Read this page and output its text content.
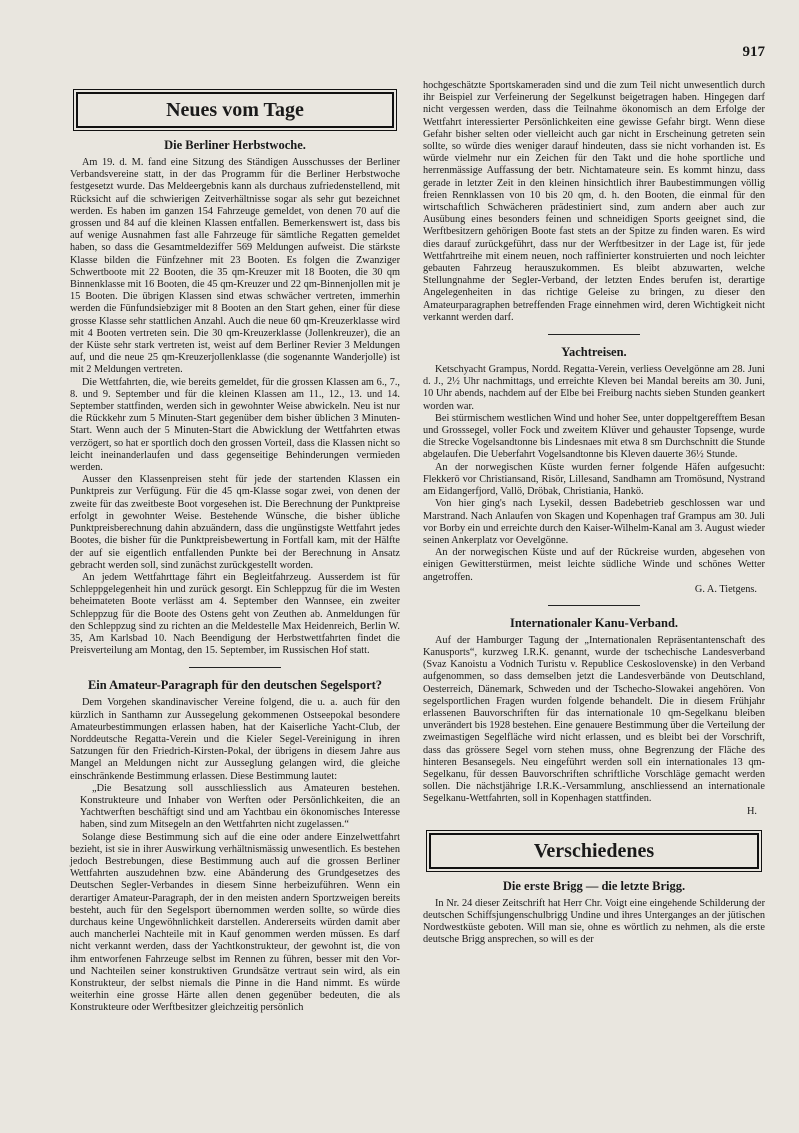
917
Neues vom Tage
Die Berliner Herbstwoche.

Am 19. d. M. fand eine Sitzung des Ständigen Ausschusses der Berliner Verbandsvereine statt, in der das Programm für die Berliner Herbstwoche festgesetzt wurde. Das Meldeergebnis kann als durchaus zufriedenstellend, mit Rücksicht auf die schwierigen Zeitverhältnisse sogar als sehr gut bezeichnet werden. Es haben im ganzen 154 Fahrzeuge gemeldet, von denen 70 auf die grossen und 84 auf die kleinen Klassen entfallen. Bemerkenswert ist, dass bis auf wenige Ausnahmen fast alle Fahrzeuge für sämtliche Regatten gemeldet haben, so dass die Gesamtmeldeziffer 569 Meldungen aufweist. Die stärkste Klasse bilden die Fünfzehner mit 23 Booten. Es folgen die Zwanziger Schwertboote mit 22 Booten, die 35 qm-Kreuzer mit 18 Booten, die 30 qm Binnenklasse mit 16 Booten, die 45 qm-Kreuzer und 22 qm-Binnenjollen mit je 15 Booten. Die übrigen Klassen sind etwas schwächer vertreten, immerhin werden die Fünfundsiebziger mit 8 Booten an den Start gehen, einer für diese grosse Klasse sehr stattlichen Anzahl. Auch die neue 60 qm-Kreuzerklasse wird mit 4 Booten vertreten sein. Die 30 qm-Kreuzerklasse (Jollenkreuzer), die an der Küste sehr stark vertreten ist, weist auf dem Berliner Revier 3 Meldungen auf, und die neue 25 qm-Kreuzerjollenklasse (die sogenannte Wanderjolle) ist mit 2 Meldungen vertreten.

Die Wettfahrten, die, wie bereits gemeldet, für die grossen Klassen am 6., 7., 8. und 9. September und für die kleinen Klassen am 11., 12., 13. und 14. September stattfinden, werden sich in gewohnter Weise abwickeln. Neu ist nur die Rückkehr zum 5 Minuten-Start gegenüber dem bisher üblichen 3 Minuten-Start. Wenn auch der 5 Minuten-Start die Abwicklung der Wettfahrten etwas verzögert, so hat er sportlich doch den grossen Vorteil, dass die Klassen nicht so leicht ineinanderlaufen und dass gegenseitige Behinderungen vermieden werden.

Ausser den Klassenpreisen steht für jede der startenden Klassen ein Punktpreis zur Verfügung. Für die 45 qm-Klasse sogar zwei, von denen der zweite für das zweitbeste Boot vorgesehen ist. Die Berechnung der Punktpreise erfolgt in gewohnter Weise. Bestehende Wünsche, die bisher übliche Punktpreisberechnung dahin abzuändern, dass die ungünstigste Wettfahrt jedes Bootes, die bisher für die Punktpreisbewertung in Fortfall kam, mit der Hälfte der auf sie eigentlich entfallenden Punkte bei der Berechnung in Ansatz gebracht werden soll, sind zunächst zurückgestellt worden.

An jedem Wettfahrttage fährt ein Begleitfahrzeug. Ausserdem ist für Schleppgelegenheit hin und zurück gesorgt. Ein Schleppzug für die im Westen beheimateten Boote verlässt am 4. September den Wannsee, ein zweiter Schleppzug für die Boote des Ostens geht von Zeuthen ab. Anmeldungen für den Schleppzug sind zu richten an die Meldestelle Max Heidenreich, Berlin W. 35, Am Karlsbad 10. Nach Beendigung der Herbstwettfahrten findet die Preisverteilung am Montag, den 15. September, im Russischen Hof statt.

Ein Amateur-Paragraph für den deutschen Segelsport?

Dem Vorgehen skandinavischer Vereine folgend, die u. a. auch für den kürzlich in Santhamn zur Aussegelung gekommenen Ostseepokal besondere Amateurbestimmungen erlassen haben, hat der Kaiserliche Yacht-Club, der Norddeutsche Regatta-Verein und die Kieler Segel-Vereinigung in ihren Satzungen für den Friedrich-Kirsten-Pokal, der übrigens in diesem Jahre aus Mangel an Meldungen nicht zur Ausseglung gelangen wird, die gleiche einschränkende Bestimmung erlassen. Diese Bestimmung lautet:

„Die Besatzung soll ausschliesslich aus Amateuren bestehen. Konstrukteure und Inhaber von Werften oder Persönlichkeiten, die an Yachtwerften beschäftigt sind und am Yachtbau ein ökonomisches Interesse haben, sind zum Mitsegeln an den Wettfahrten nicht zugelassen.“

Solange diese Bestimmung sich auf die eine oder andere Einzelwettfahrt bezieht, ist sie in ihrer Auswirkung verhältnismässig unwesentlich. Es bestehen jedoch Bestrebungen, diese Bestimmung auch auf die grossen Berliner Wettfahrten auszudehnen bzw. eine Abänderung des Grundgesetzes des Deutschen Segler-Verbandes in diesem Sinne herbeizuführen. Wenn ein derartiger Amateur-Paragraph, der in den meisten andern Sportzweigen bereits besteht, auch für den Segelsport übernommen werden sollte, so würde dies durchaus keine Ungewöhnlichkeit darstellen. Andererseits würden damit aber auch mancherlei Nachteile mit in Kauf genommen werden müssen. Es darf nicht verkannt werden, dass der Yachtkonstrukteur, der gewohnt ist, die von ihm entworfenen Fahrzeuge selbst im Rennen zu führen, besser mit den Vor- und Nachteilen seiner konstruktiven Grundsätze vertraut sein wird, als ein Konstrukteur, der selbst niemals die Pinne in die Hand nimmt. Es würde weiterhin eine grosse Härte allen denen gegenüber bedeuten, die als Konstrukteure oder Werftbesitzer gleichzeitig persönlich

hochgeschätzte Sportskameraden sind und die zum Teil nicht unwesentlich durch ihr Beispiel zur Verfeinerung der Segelkunst beigetragen haben. Hingegen darf nicht vergessen werden, dass die Teilnahme ökonomisch an dem Erfolge der Wettfahrt interessierter Persönlichkeiten eine gewisse Gefahr birgt. Wenn diese Gefahr bisher selten oder vielleicht auch gar nicht in Erscheinung getreten sein sollte, so würde dies weniger darauf hindeuten, dass sie nicht vorhanden ist. Es würde vielmehr nur ein Zeichen für den Takt und die hohe sportliche und herrenmässige Auffassung der betr. Nichtamateure sein. Es kommt hinzu, dass gerade in letzter Zeit in den kleinen hinsichtlich ihrer Baubestimmungen völlig freien Rennklassen von 10 bis 20 qm, d. h. den Booten, die einmal für den wirtschaftlich Schwächeren prädestiniert sind, zum andern aber auch zur Ausübung eines besonders feinen und schneidigen Sports geeignet sind, die Werftbesitzern gehörigen Boote fast stets an der Spitze zu finden waren. Es wird dies darauf zurückgeführt, dass nur der Werftbesitzer in der Lage ist, für jede Wettfahrtreihe mit einem neuen, noch raffinierter konstruierten und noch leichter gebauten Fahrzeug herauszukommen. Es bleibt abzuwarten, welche Stellungnahme der Segler-Verband, der letzten Endes berufen ist, derartige Angelegenheiten in das richtige Geleise zu bringen, zu dieser den Amateurparagraphen betreffenden Frage einnehmen wird, deren Wichtigkeit nicht verkannt werden darf.

Yachtreisen.

Ketschyacht Grampus, Nordd. Regatta-Verein, verliess Oevelgönne am 28. Juni d. J., 2½ Uhr nachmittags, und erreichte Kleven bei Mandal bereits am 30. Juni, 10 Uhr abends, nachdem auf der Elbe bei Freiburg nachts sieben Stunden geankert worden war.

Bei stürmischem westlichen Wind und hoher See, unter doppeltgerefftem Besan und Grosssegel, voller Fock und zweitem Klüver und gehauster Topsenge, wurde die Strecke Vogelsandtonne bis Lindesnaes mit etwa 8 sm Durchschnitt die Stunde abgelaufen. Die Ueberfahrt Vogelsandtonne bis Kleven dauerte 36½ Stunde.

An der norwegischen Küste wurden ferner folgende Häfen aufgesucht: Flekkerö vor Christiansand, Risör, Lillesand, Sandhamn am Tromösund, Nystrand am Eidangerfjord, Vallö, Dröbak, Christiania, Hankö.

Von hier ging's nach Lysekil, dessen Badebetrieb geschlossen war und Marstrand. Nach Anlaufen von Skagen und Kopenhagen traf Grampus am 30. Juli vor Borby ein und erreichte durch den Kaiser-Wilhelm-Kanal am 3. August wieder seinen Ankerplatz vor Oevelgönne.

An der norwegischen Küste und auf der Rückreise wurden, abgesehen von einigen Gewitterstürmen, meist leichte südliche Winde und schönes Wetter angetroffen.

G. A. Tietgens.
Internationaler Kanu-Verband.

Auf der Hamburger Tagung der „Internationalen Repräsentantenschaft des Kanusports“, kurzweg I.R.K. genannt, wurde der tschechische Landesverband (Svaz Kanoistu a Vodnich Turistu v. Republice Ceskoslovenske) in den Verband aufgenommen, so dass demselben jetzt die Landesverbände von Deutschland, Oesterreich, Dänemark, Schweden und der Tschecho-Slowakei angehören. Von segelsportlichen Fragen wurden folgende behandelt. Die in diesem Frühjahr erlassenen Bauvorschriften für das internationale 10 qm-Segelkanu bleiben unverändert bis 1928 bestehen. Eine genauere Bestimmung über die Verteilung der zweimastigen Segelfläche wird nicht erlassen, und es bleibt bei der Vorschrift, dass das grössere Segel vorn stehen muss, ohne Begrenzung der Fläche des hinteren Besansegels. Neu eingeführt werden soll ein internationales 13 qm-Segelkanu, für dessen Bauvorschriften schriftliche Vorschläge gemacht werden sollen. Die nächstjährige I.R.K.-Versammlung, anschliessend an internationale Segelkanu-Wettfahrten, soll in Kopenhagen stattfinden.

H.
Verschiedenes
Die erste Brigg — die letzte Brigg.

In Nr. 24 dieser Zeitschrift hat Herr Chr. Voigt eine eingehende Schilderung der deutschen Schiffsjungenschulbrigg Undine und ihres Unterganges an der jütischen Nordwestküste geboten. Will man sie, ohne es wörtlich zu nehmen, als die erste deutsche Brigg ansprechen, so will es der
